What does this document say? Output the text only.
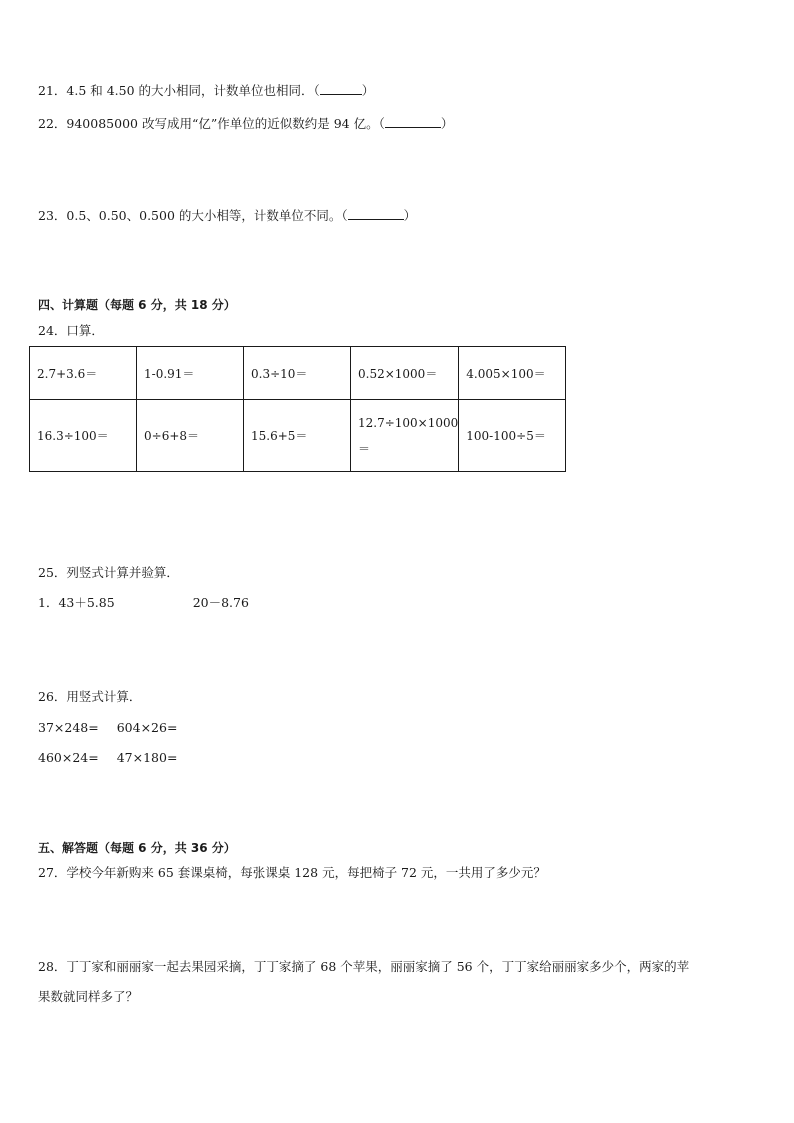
21．4.5 和 4.50 的大小相同，计数单位也相同．（	）
22．940085000 改写成用“亿”作单位的近似数约是 94 亿。（	）
23．0.5、0.50、0.500 的大小相等，计数单位不同。（	）
四、计算题（每题 6 分，共 18 分）
24．口算．
2.7+3.6＝	1-0.91＝	0.3÷10＝	0.52×1000＝	4.005×100＝
16.3÷100＝	0÷6+8＝	15.6+5＝	12.7÷100×1000＝	100-100÷5＝
25．列竖式计算并验算．
1．43＋5.85	20－8.76
26．用竖式计算．
37×248= 604×26=
460×24= 47×180=
五、解答题（每题 6 分，共 36 分）
27．学校今年新购来 65 套课桌椅，每张课桌 128 元，每把椅子 72 元，一共用了多少元？
28．丁丁家和丽丽家一起去果园采摘，丁丁家摘了 68 个苹果，丽丽家摘了 56 个，丁丁家给丽丽家多少个，两家的苹
果数就同样多了？
